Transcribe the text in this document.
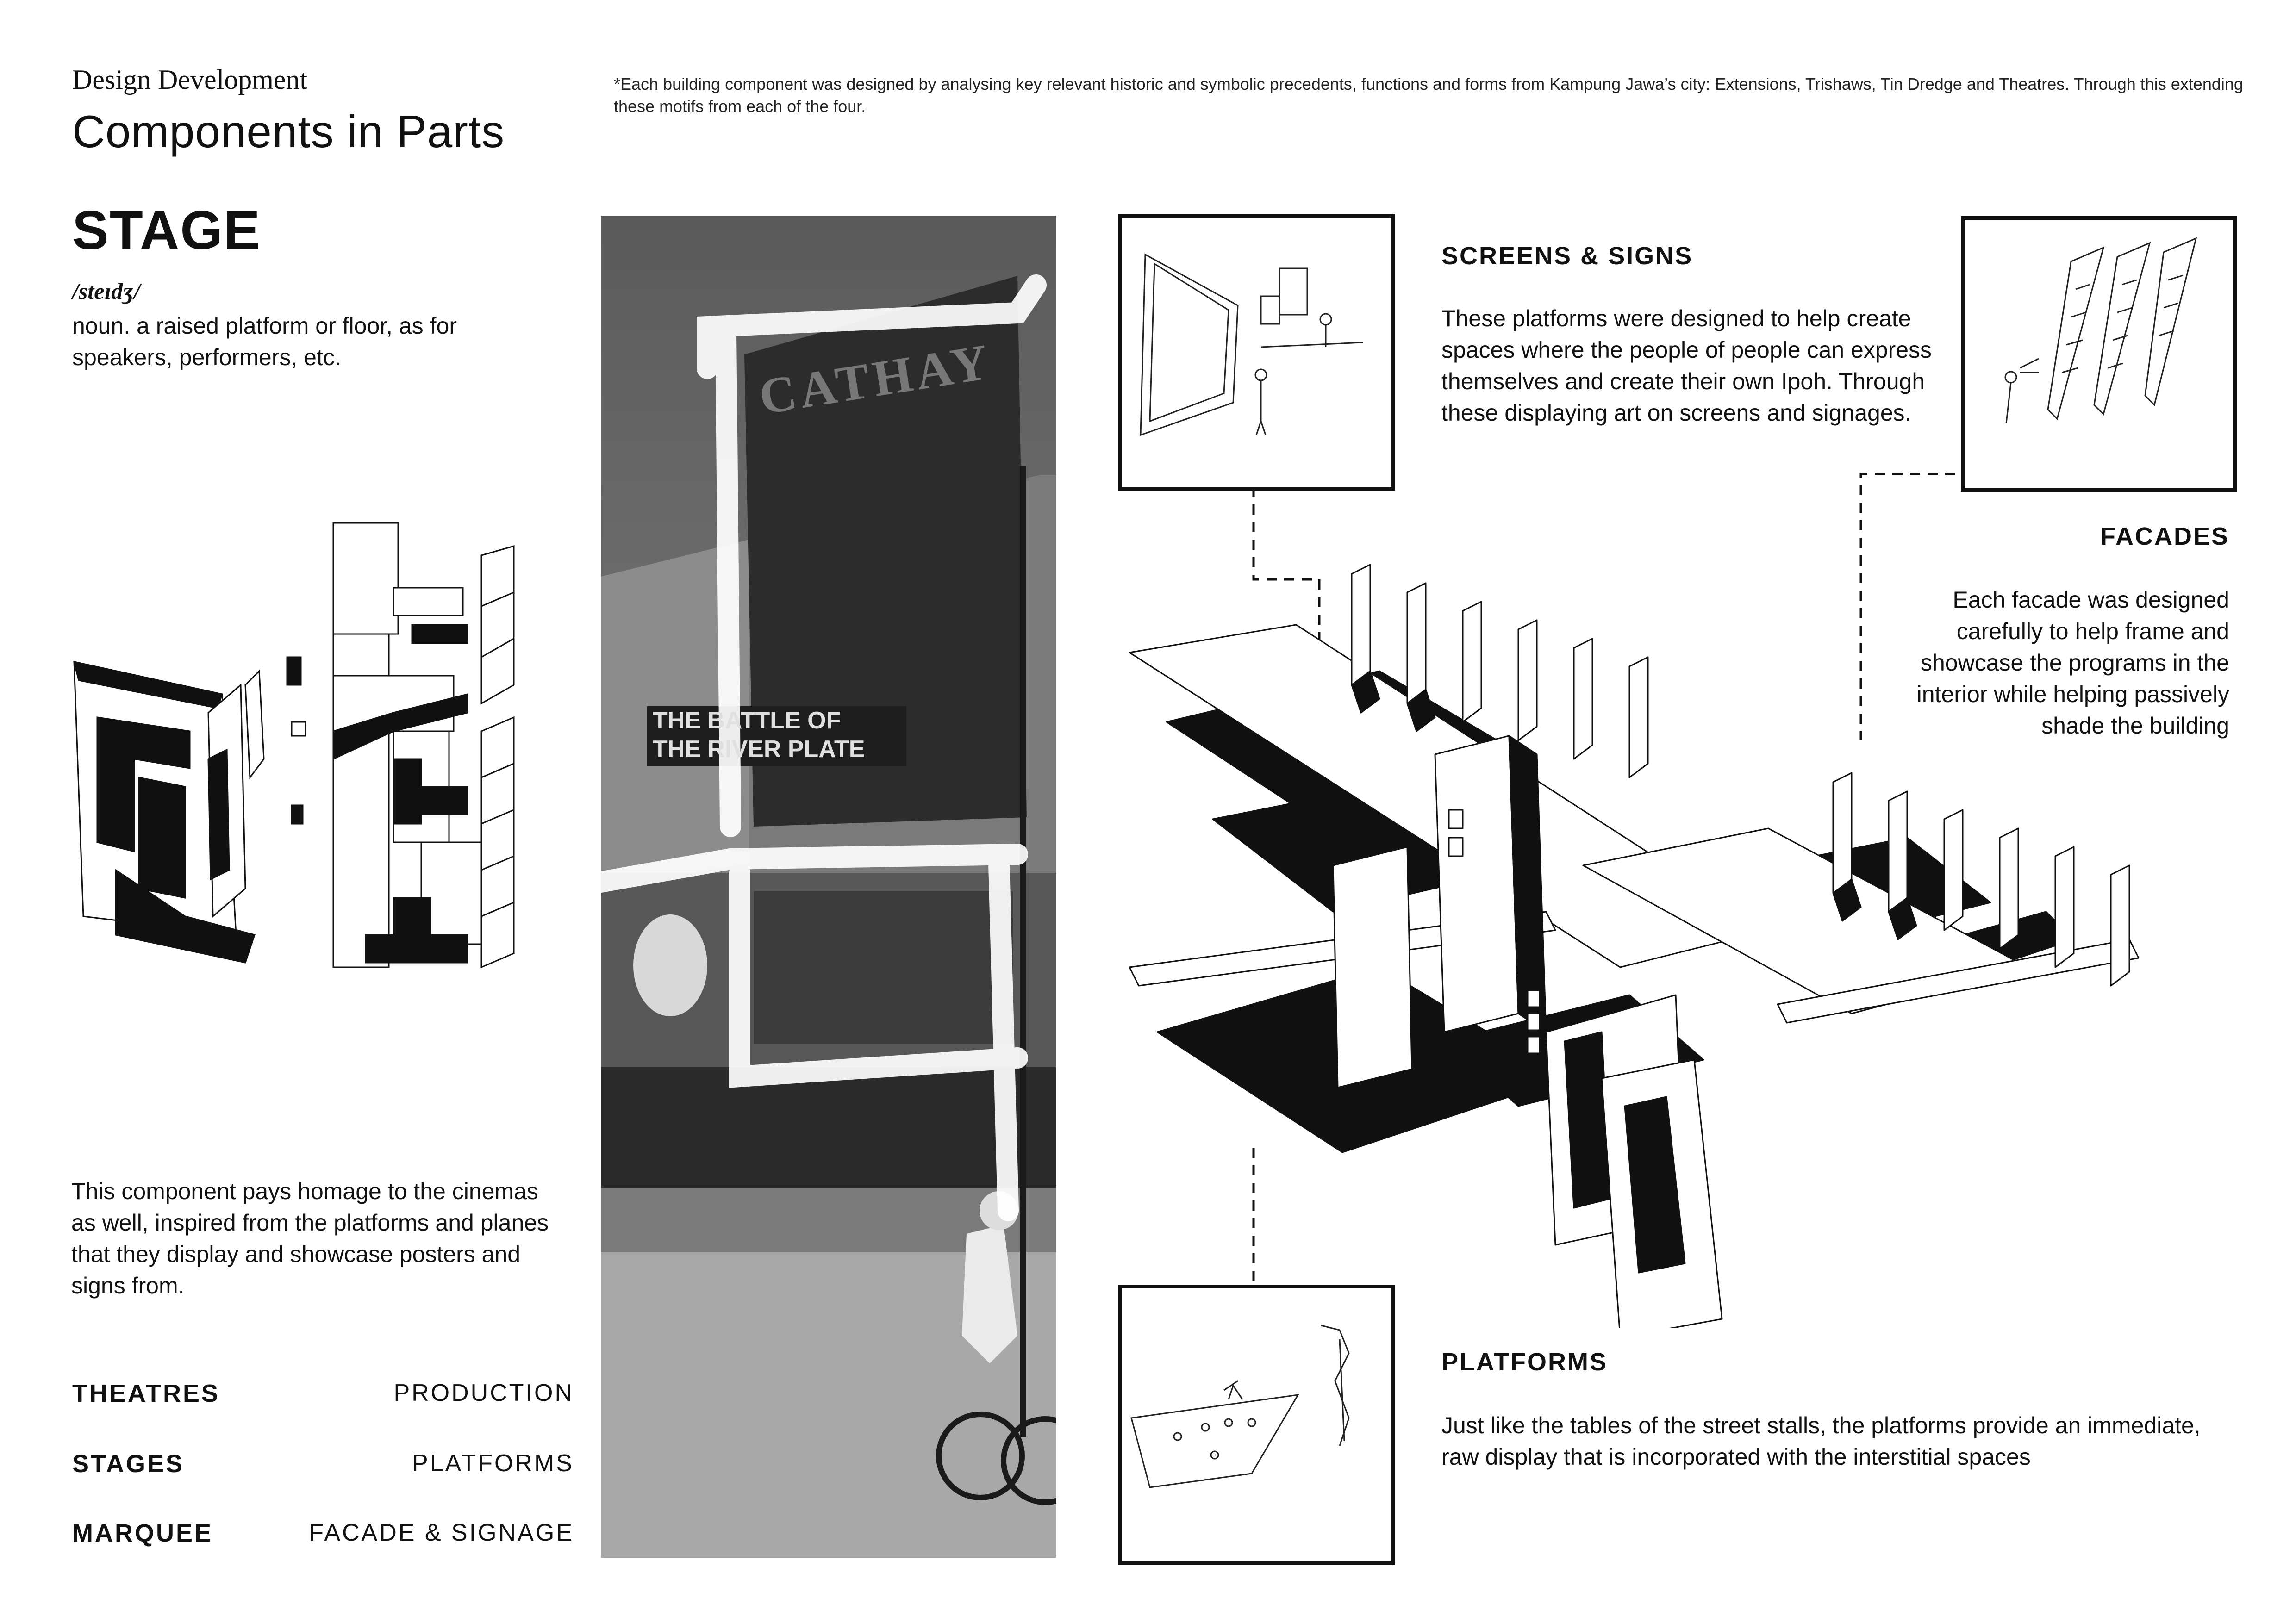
Design Development
Components in Parts
*Each building component was designed by analysing key relevant historic and symbolic precedents, functions and forms from Kampung Jawa’s city: Extensions, Trishaws, Tin Dredge and Theatres. Through this extending these motifs from each of the four.
STAGE
/steɪdʒ/
noun. a raised platform or floor, as for speakers, performers, etc.
This component pays homage to the cinemas as well, inspired from the platforms and planes that they display and showcase posters and signs from.
THEATRES	PRODUCTION
STAGES	PLATFORMS
MARQUEE	FACADE & SIGNAGE
CATHAY
THE BATTLE OF
THE RIVER PLATE
SCREENS & SIGNS
These platforms were designed to help create spaces where the people of people can express themselves and create their own Ipoh. Through these displaying art on screens and signages.
FACADES
Each facade was designed carefully to help frame and showcase the programs in the interior while helping passively shade the building
PLATFORMS
Just like the tables of the street stalls, the platforms provide an immediate, raw display that is incorporated with the interstitial spaces
